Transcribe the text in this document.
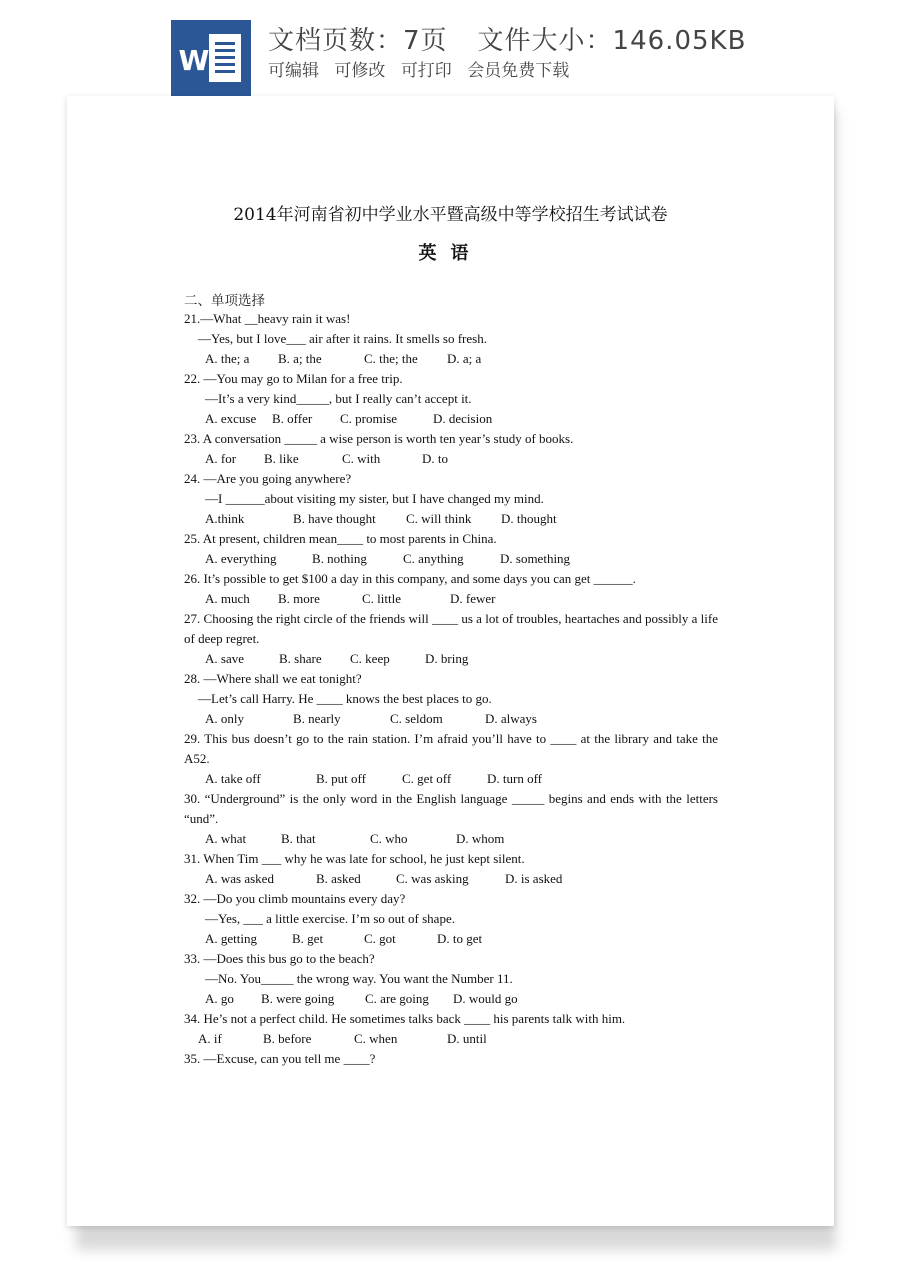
W
文档页数：7页 文件大小：146.05KB
可编辑 可修改 可打印 会员免费下载
2014年河南省初中学业水平暨高级中等学校招生考试试卷
英语
二、单项选择

21.—What __heavy rain it was!

—Yes, but I love___ air after it rains. It smells so fresh.

A. the; a	B. a; the	C. the; the	D. a; a

22. —You may go to Milan for a free trip.

—It’s a very kind_____, but I really can’t accept it.

A. excuse	B. offer	C. promise	D. decision

23. A conversation _____ a wise person is worth ten year’s study of books.

A. for	B. like	C. with	D. to

24. —Are you going anywhere?

—I ______about visiting my sister, but I have changed my mind.

A.think	B. have thought	C. will think	D. thought

25. At present, children mean____ to most parents in China.

A. everything	B. nothing	C. anything	D. something

26. It’s possible to get $100 a day in this company, and some days you can get ______.

A. much	B. more	C. little	D. fewer

27. Choosing the right circle of the friends will ____ us a lot of troubles, heartaches and possibly a life of deep regret.

A. save	B. share	C. keep	D. bring

28. —Where shall we eat tonight?

—Let’s call Harry. He ____ knows the best places to go.

A. only	B. nearly	C. seldom	D. always

29. This bus doesn’t go to the rain station. I’m afraid you’ll have to ____ at the library and take the A52.

A. take off	B. put off	C. get off	D. turn off

30. “Underground” is the only word in the English language _____ begins and ends with the letters “und”.

A. what	B. that	C. who	D. whom

31. When Tim ___ why he was late for school, he just kept silent.

A. was asked	B. asked	C. was asking	D. is asked

32. —Do you climb mountains every day?

—Yes, ___ a little exercise. I’m so out of shape.

A. getting	B. get	C. got	D. to get

33. —Does this bus go to the beach?

—No. You_____ the wrong way. You want the Number 11.

A. go	B. were going	C. are going	D. would go

34. He’s not a perfect child. He sometimes talks back ____ his parents talk with him.

A. if	B. before	C. when	D. until

35. —Excuse, can you tell me ____?
